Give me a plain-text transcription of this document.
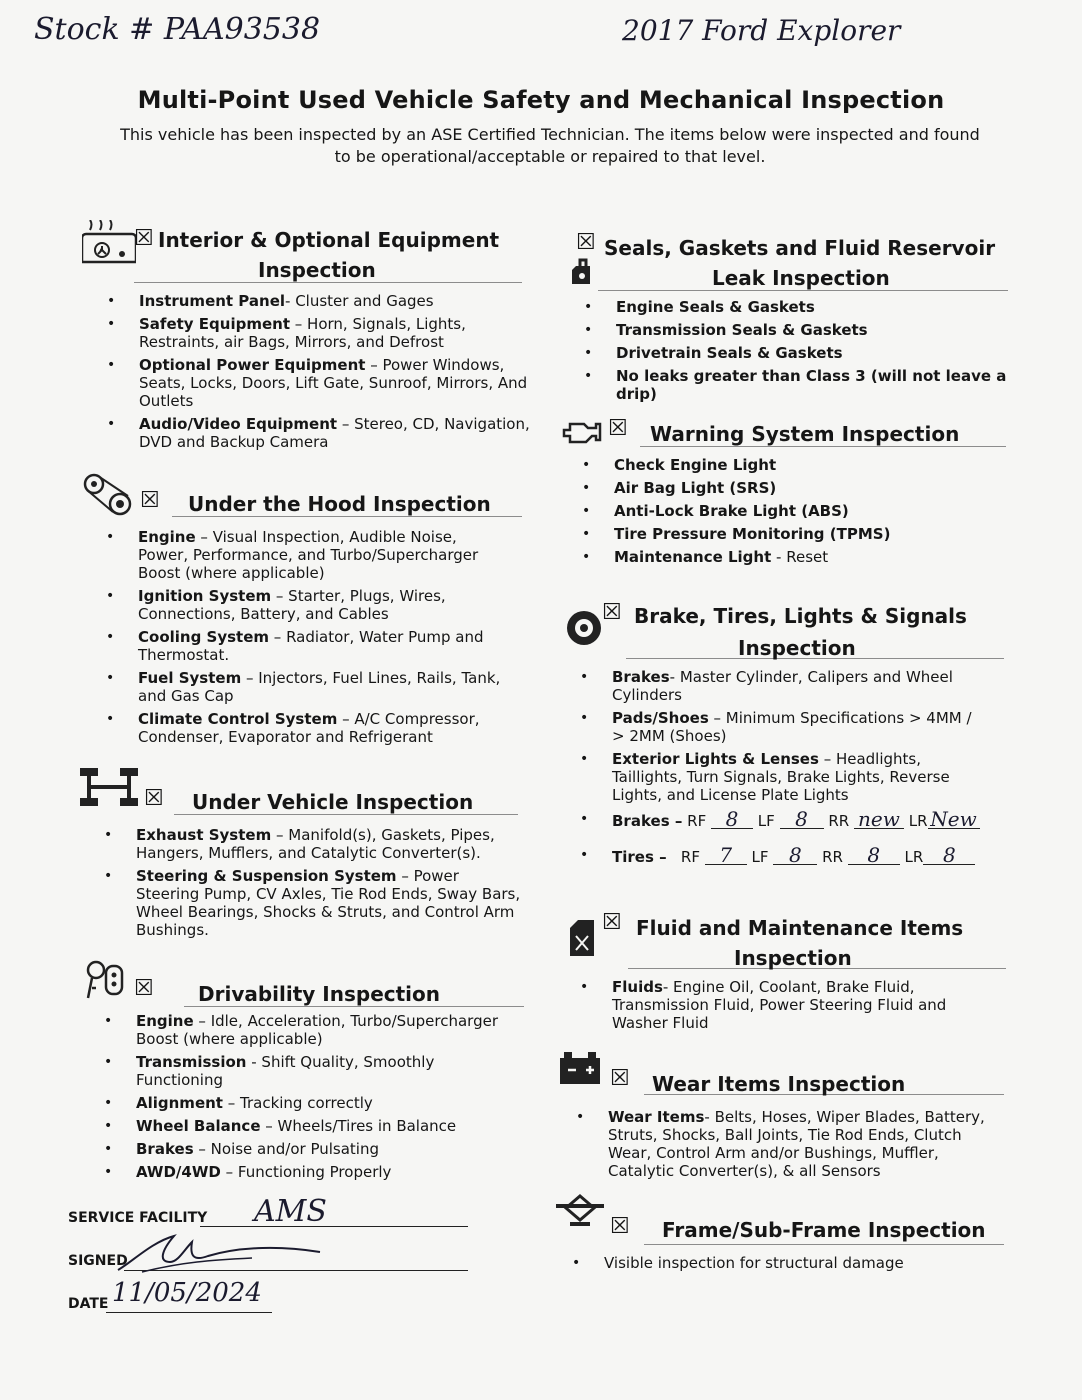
Stock # PAA93538	2017 Ford Explorer
Multi-Point Used Vehicle Safety and Mechanical Inspection
This vehicle has been inspected by an ASE Certified Technician. The items below were inspected and found to be operational/acceptable or repaired to that level.
☒ Interior & Optional Equipment
Inspection
• Instrument Panel- Cluster and Gages
• Safety Equipment – Horn, Signals, Lights, Restraints, air Bags, Mirrors, and Defrost
• Optional Power Equipment – Power Windows, Seats, Locks, Doors, Lift Gate, Sunroof, Mirrors, And Outlets
• Audio/Video Equipment – Stereo, CD, Navigation, DVD and Backup Camera
☒ Under the Hood Inspection
• Engine – Visual Inspection, Audible Noise, Power, Performance, and Turbo/Supercharger Boost (where applicable)
• Ignition System – Starter, Plugs, Wires, Connections, Battery, and Cables
• Cooling System – Radiator, Water Pump and Thermostat.
• Fuel System – Injectors, Fuel Lines, Rails, Tank, and Gas Cap
• Climate Control System – A/C Compressor, Condenser, Evaporator and Refrigerant
☒ Under Vehicle Inspection
• Exhaust System – Manifold(s), Gaskets, Pipes, Hangers, Mufflers, and Catalytic Converter(s).
• Steering & Suspension System – Power Steering Pump, CV Axles, Tie Rod Ends, Sway Bars, Wheel Bearings, Shocks & Struts, and Control Arm Bushings.
☒ Drivability Inspection
• Engine – Idle, Acceleration, Turbo/Supercharger Boost (where applicable)
• Transmission - Shift Quality, Smoothly Functioning
• Alignment – Tracking correctly
• Wheel Balance – Wheels/Tires in Balance
• Brakes – Noise and/or Pulsating
• AWD/4WD – Functioning Properly
SERVICE FACILITY AMS
SIGNED
DATE 11/05/2024
☒ Seals, Gaskets and Fluid Reservoir
Leak Inspection
• Engine Seals & Gaskets
• Transmission Seals & Gaskets
• Drivetrain Seals & Gaskets
• No leaks greater than Class 3 (will not leave a drip)
☒ Warning System Inspection
• Check Engine Light
• Air Bag Light (SRS)
• Anti-Lock Brake Light (ABS)
• Tire Pressure Monitoring (TPMS)
• Maintenance Light - Reset
☒ Brake, Tires, Lights & Signals
Inspection
• Brakes- Master Cylinder, Calipers and Wheel Cylinders
• Pads/Shoes – Minimum Specifications > 4MM / > 2MM (Shoes)
• Exterior Lights & Lenses – Headlights, Taillights, Turn Signals, Brake Lights, Reverse Lights, and License Plate Lights
• Brakes – RF 8 LF 8 RR new LR New
• Tires – RF 7 LF 8 RR 8 LR 8
☒ Fluid and Maintenance Items
Inspection
• Fluids- Engine Oil, Coolant, Brake Fluid, Transmission Fluid, Power Steering Fluid and Washer Fluid
☒ Wear Items Inspection
• Wear Items- Belts, Hoses, Wiper Blades, Battery, Struts, Shocks, Ball Joints, Tie Rod Ends, Clutch Wear, Control Arm and/or Bushings, Muffler, Catalytic Converter(s), & all Sensors
☒ Frame/Sub-Frame Inspection
• Visible inspection for structural damage
